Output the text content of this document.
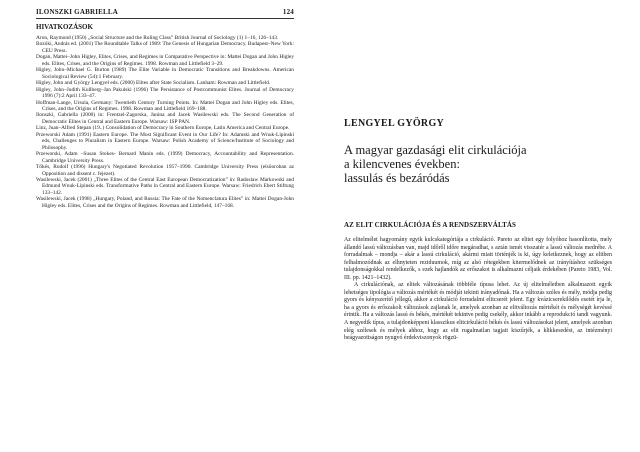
ILONSZKI GABRIELLA	124
HIVATKOZÁSOK
Aron, Raymond (1950) „Social Structure and the Ruling Class” British Journal of Sociology (1) 1–16, 126–143.
Bozóki, András ed. (2001) The Roundtable Talks of 1989: The Genesis of Hungarian Democracy. Budapest–New York: CEU Press.
Dogan, Mattei–John Higley, Elites, Crises, and Regimes in Comparative Perspective in: Mattei Dogan and John Higley eds. Elites, Crises, and the Origins of Regimes. 1998. Rowman and Littlefield 3–29.
Higley, John–Michael G. Burton (1989) The Elite Variable in Democratic Transitions and Breakdowns. American Sociological Review (54):1 February.
Higley, John and György Lengyel eds. (2000) Elites after State Socialism. Lanham: Rowman and Littlefield.
Higley, John–Judith Kullberg–Jan Pakulski (1996) The Persistance of Postcommunist Elites. Journal of Democracy 1996 (7):2 April 133–47.
Hoffman-Lange, Ursula, Germany: Twentieth Century Turning Points. In: Mattei Dogan and John Higley eds. Elites, Crises, and the Origins of Regimes. 1998. Rowman and Littlefield 169–188.
Ilonszki, Gabriella (2000) in: Frentzel-Zagorska, Janina and Jacek Wasilewski eds. The Second Generation of Democratic Elites in Central and Eastern Europe. Warsaw: ISP PAN.
Linz, Juan–Alfred Stepan (19..) Consolidation of Democracy in Southern Europe, Latin America and Central Europe.
Przeworski Adam (1991) Eastern Europe. The Most Significant Event in Our Life? In: Adamski and Wnuk-Lipinski eds, Challenges to Pluralism in Eastern Europe. Warsaw: Polish Academy of Science/Institute of Sociology and Philosophy.
Przeworski, Adam –Susan Stokes- Bernard Manin eds. (1999) Democracy, Accountability and Representation. Cambridge University Press.
Tőkés, Rudolf (1996) Hungary's Negotiated Revolution 1957–1990. Cambridge University Press (elsőoroban az Opposition and dissent c. fejezet).
Wasilewski, Jacek (2001) „Three Elites of the Central East European Democratization” in: Radoslaw Markowski and Edmund Wnuk-Lipinski eds. Transformative Paths in Central and Eastern Europe. Warsaw: Friedrich Ebert Stiftung 133–142.
Wasilewski, Jacek (1998) „Hungary, Poland, and Russia: The Fate of the Nomenclatura Elites” in: Mattei Dogan-John Higley eds. Elites, Crises and the Origins of Regimes. Rowman and Littlefield, 147–168.
LENGYEL GYÖRGY
A magyar gazdasági elit cirkulációja
a kilencvenes években:
lassulás és bezáródás
AZ ELIT CIRKULÁCIÓJA ÉS A RENDSZERVÁLTÁS

Az elitelmélet hagyomány egyik kulcskategóriája a cirkuláció. Pareto az elitet egy folyóhoz hasonlította, mely állandó lassú változásban van, majd időről időre megáradhat, s aztán ismét visszatér a lassú változás medrébe. A forradalmak – mondja – akár a lassú cirkuláció, akármi miatt történjék is ki, úgy keletkeznek, hogy az elitben felhalmozódnak az elhnyteten reziduumok, míg az alsó rétegekben kitermelődnek az irányításhoz szükséges tulajdonságokkal rendelkezők, s ezek hajlandók az erőszakot is alkalmazni céljaik érdekében (Pareto 1983, Vol. III. pp. 1421–1432).

A cirkulációnak, az elitek változásának többféle típusa lehet. Az új elitelméletben alkalmazott egyik lehetséges tipológia a változás mértékét és módját tekinti irányadónak. Ha a változás széles és mély, módja pedig gyors és kényszerítő jellegű, akkor a cirkuláció forradalmi elitcserét jelent. Egy kvázicserekilődés esetét írja le, ha a gyors és erőszakolt változások zajlanak le, amelyek azonban az elitváltozás mértékét és mélységét kevéssé érintik. Ha a változás lassú és békés, mértékét tekintve pedig csekély, akkor inkább a reprodukció tandi vagyunk. A negyedik típus, a tulajdonképpeni klasszikus elitcirkuláció békés és lassú változásokat jelent, amelyek azonban elég szélesek és mélyek ahhoz, hogy az elit rugalmatlan tagjait kiszűrjék, a klikkesedést, az intézményi beágyazottságon nyugvó érdekviszonyok rögzü-
